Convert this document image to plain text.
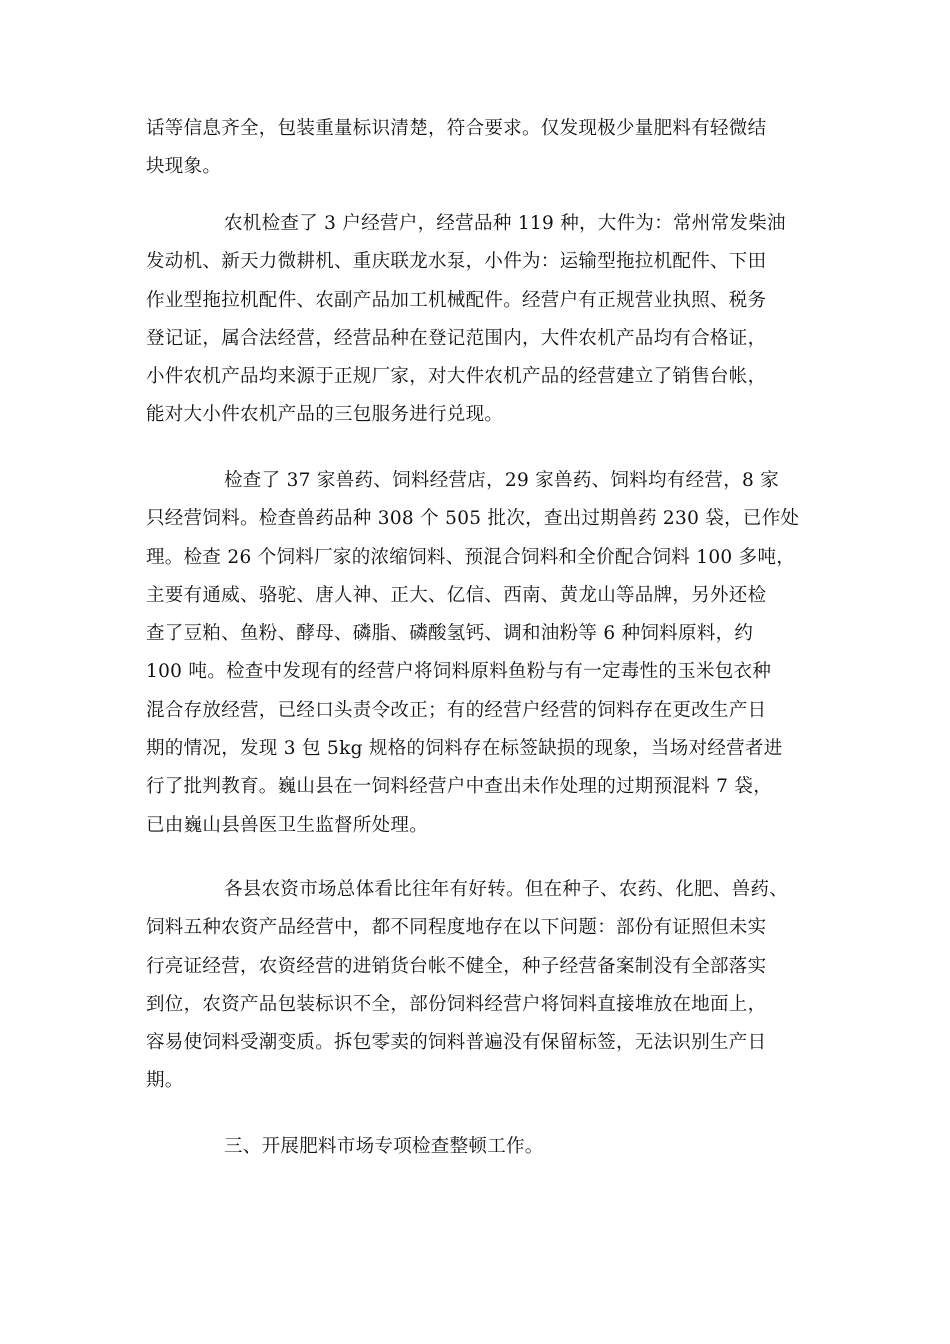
话等信息齐全，包装重量标识清楚，符合要求。仅发现极少量肥料有轻微结
块现象。
农机检查了 3 户经营户，经营品种 119 种，大件为：常州常发柴油
发动机、新天力微耕机、重庆联龙水泵，小件为：运输型拖拉机配件、下田
作业型拖拉机配件、农副产品加工机械配件。经营户有正规营业执照、税务
登记证，属合法经营，经营品种在登记范围内，大件农机产品均有合格证，
小件农机产品均来源于正规厂家，对大件农机产品的经营建立了销售台帐，
能对大小件农机产品的三包服务进行兑现。
检查了 37 家兽药、饲料经营店，29 家兽药、饲料均有经营，8 家
只经营饲料。检查兽药品种 308 个 505 批次，查出过期兽药 230 袋，已作处
理。检查 26 个饲料厂家的浓缩饲料、预混合饲料和全价配合饲料 100 多吨，
主要有通威、骆驼、唐人神、正大、亿信、西南、黄龙山等品牌，另外还检
查了豆粕、鱼粉、酵母、磷脂、磷酸氢钙、调和油粉等 6 种饲料原料，约
100 吨。检查中发现有的经营户将饲料原料鱼粉与有一定毒性的玉米包衣种
混合存放经营，已经口头责令改正；有的经营户经营的饲料存在更改生产日
期的情况，发现 3 包 5kg 规格的饲料存在标签缺损的现象，当场对经营者进
行了批判教育。巍山县在一饲料经营户中查出未作处理的过期预混料 7 袋，
已由巍山县兽医卫生监督所处理。
各县农资市场总体看比往年有好转。但在种子、农药、化肥、兽药、
饲料五种农资产品经营中，都不同程度地存在以下问题：部份有证照但未实
行亮证经营，农资经营的进销货台帐不健全，种子经营备案制没有全部落实
到位，农资产品包装标识不全，部份饲料经营户将饲料直接堆放在地面上，
容易使饲料受潮变质。拆包零卖的饲料普遍没有保留标签，无法识别生产日
期。
三、开展肥料市场专项检查整顿工作。
